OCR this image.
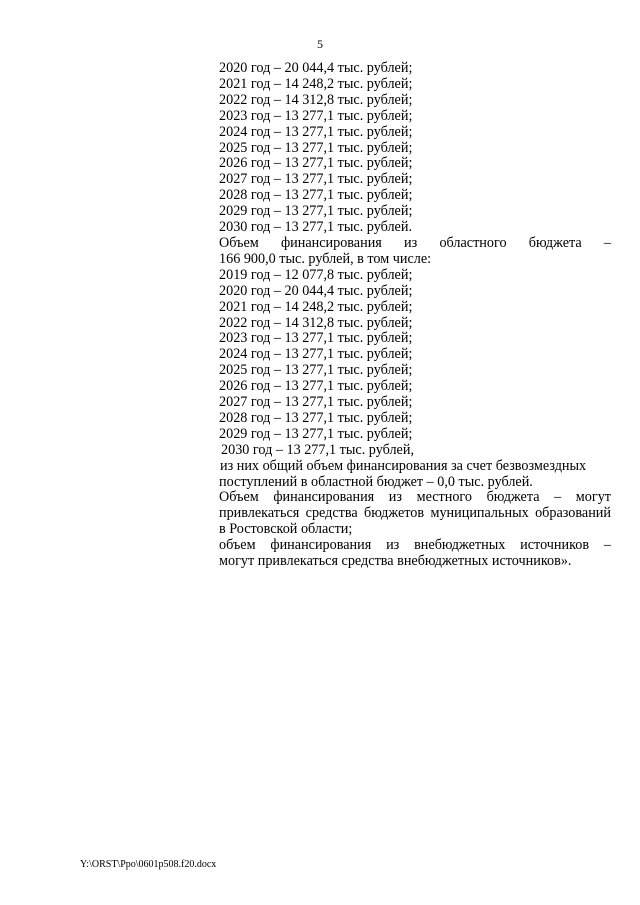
5
2020 год – 20 044,4 тыс. рублей;
2021 год – 14 248,2 тыс. рублей;
2022 год – 14 312,8 тыс. рублей;
2023 год – 13 277,1 тыс. рублей;
2024 год – 13 277,1 тыс. рублей;
2025 год – 13 277,1 тыс. рублей;
2026 год – 13 277,1 тыс. рублей;
2027 год – 13 277,1 тыс. рублей;
2028 год – 13 277,1 тыс. рублей;
2029 год – 13 277,1 тыс. рублей;
2030 год – 13 277,1 тыс. рублей.
Объем финансирования из областного бюджета –
166 900,0 тыс. рублей, в том числе:
2019 год – 12 077,8 тыс. рублей;
2020 год – 20 044,4 тыс. рублей;
2021 год – 14 248,2 тыс. рублей;
2022 год – 14 312,8 тыс. рублей;
2023 год – 13 277,1 тыс. рублей;
2024 год – 13 277,1 тыс. рублей;
2025 год – 13 277,1 тыс. рублей;
2026 год – 13 277,1 тыс. рублей;
2027 год – 13 277,1 тыс. рублей;
2028 год – 13 277,1 тыс. рублей;
2029 год – 13 277,1 тыс. рублей;
2030 год – 13 277,1 тыс. рублей,
из них общий объем финансирования за счет безвозмездных
поступлений в областной бюджет – 0,0 тыс. рублей.
Объем финансирования из местного бюджета – могут
привлекаться средства бюджетов муниципальных образований
в Ростовской области;
объем финансирования из внебюджетных источников –
могут привлекаться средства внебюджетных источников».
Y:\ORST\Ppo\0601p508.f20.docx
